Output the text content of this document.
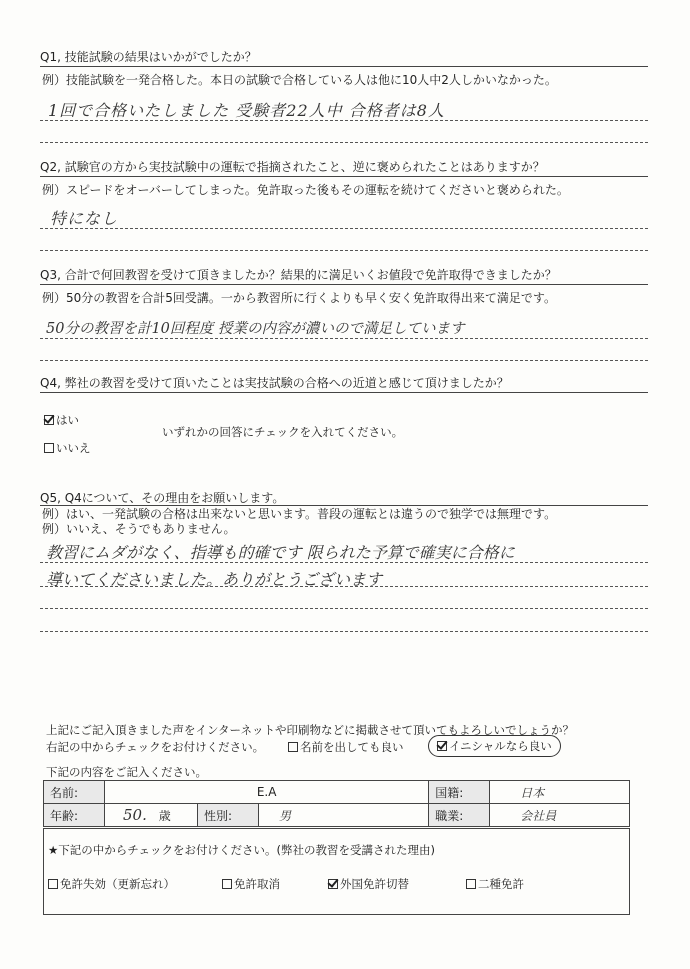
Q1, 技能試験の結果はいかがでしたか？
例）技能試験を一発合格した。本日の試験で合格している人は他に10人中2人しかいなかった。
1回で合格いたしました 受験者22人中 合格者は8人
Q2, 試験官の方から実技試験中の運転で指摘されたこと、逆に褒められたことはありますか？
例）スピードをオーバーしてしまった。免許取った後もその運転を続けてくださいと褒められた。
特になし
Q3, 合計で何回教習を受けて頂きましたか？結果的に満足いくお値段で免許取得できましたか？
例）50分の教習を合計5回受講。一から教習所に行くよりも早く安く免許取得出来て満足です。
50分の教習を計10回程度 授業の内容が濃いので満足しています
Q4, 弊社の教習を受けて頂いたことは実技試験の合格への近道と感じて頂けましたか？
はい
いいえ
いずれかの回答にチェックを入れてください。
Q5, Q4について、その理由をお願いします。
例）はい、一発試験の合格は出来ないと思います。普段の運転とは違うので独学では無理です。
例）いいえ、そうでもありません。
教習にムダがなく、指導も的確です 限られた予算で確実に合格に
導いてくださいました。ありがとうございます
上記にご記入頂きました声をインターネットや印刷物などに掲載させて頂いてもよろしいでしょうか？
右記の中からチェックをお付けください。	名前を出しても良い	イニシャルなら良い
下記の内容をご記入ください。
名前:	E.A			国籍:	日本
年齢:	50. 歳	性別:	男	職業:	会社員
★下記の中からチェックをお付けください。(弊社の教習を受講された理由)
免許失効（更新忘れ）	免許取消	外国免許切替	二種免許
